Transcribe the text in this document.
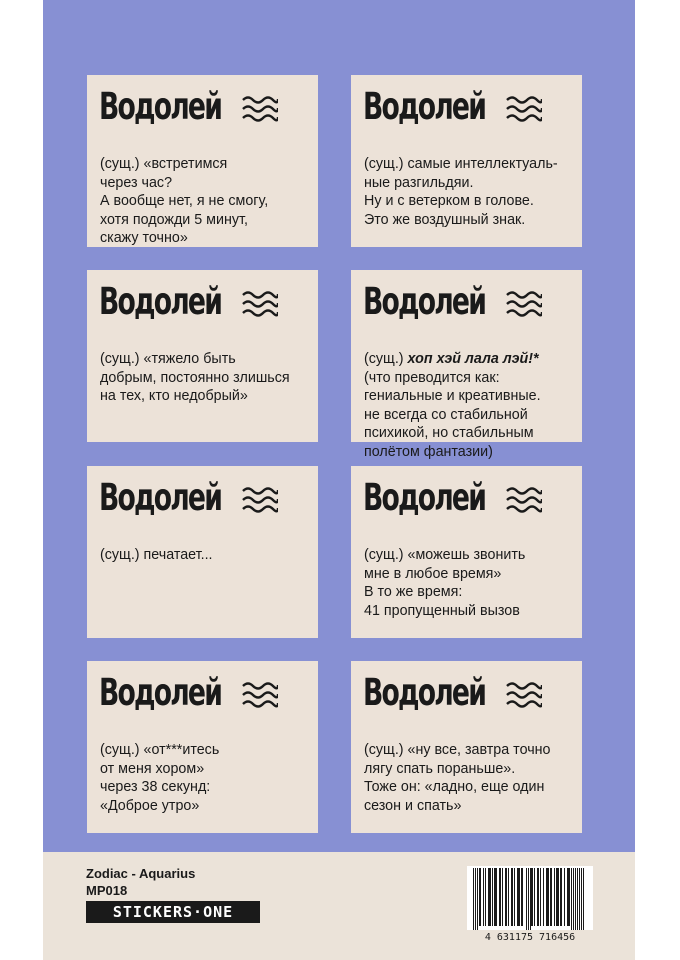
Водолей
(сущ.) «встретимся
через час?
А вообще нет, я не смогу,
хотя подожди 5 минут,
скажу точно»
Водолей
(сущ.) самые интеллектуаль-
ные разгильдяи.
Ну и с ветерком в голове.
Это же воздушный знак.
Водолей
(сущ.) «тяжело быть
добрым, постоянно злишься
на тех, кто недобрый»
Водолей
(сущ.) хоп хэй лала лэй!*
(что преводится как:
гениальные и креативные.
не всегда со стабильной
психикой, но стабильным
полётом фантазии)
Водолей
(сущ.) печатает...
Водолей
(сущ.) «можешь звонить
мне в любое время»
В то же время:
41 пропущенный вызов
Водолей
(сущ.) «от***итесь
от меня хором»
через 38 секунд:
«Доброе утро»
Водолей
(сущ.) «ну все, завтра точно
лягу спать пораньше».
Тоже он: «ладно, еще один
сезон и спать»
Zodiac - Aquarius
MP018
STICKERS·ONE
4 631175 716456
